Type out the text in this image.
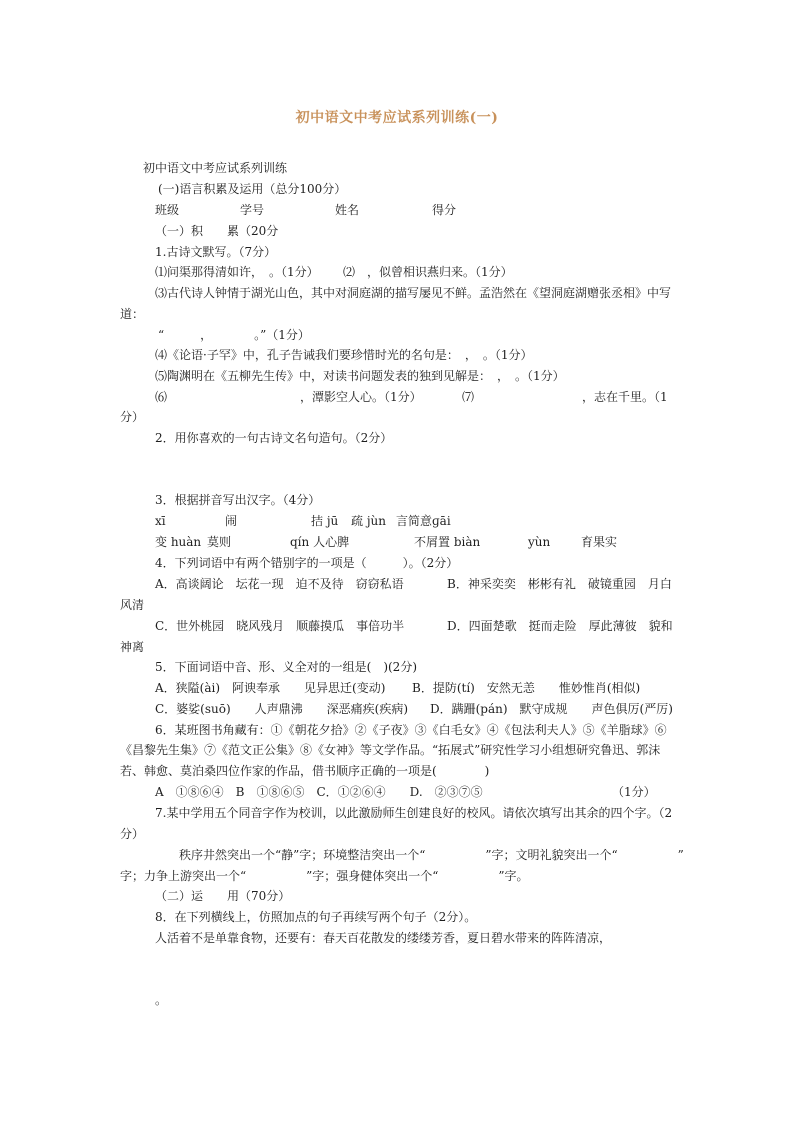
初中语文中考应试系列训练(一)
初中语文中考应试系列训练
(一)语言积累及运用（总分100分）
班级	学号	姓名	得分
（一）积　　累（20分
1.古诗文默写。（7分）
⑴问渠那得清如许，　。（1分） ⑵　，似曾相识燕归来。（1分）
⑶古代诗人钟情于湖光山色，其中对洞庭湖的描写屡见不鲜。孟浩然在《望洞庭湖赠张丞相》中写
道：
“　　　，　　　　。”（1分）
⑷《论语·子罕》中，孔子告诫我们要珍惜时光的名句是：　，　。（1分）
⑸陶渊明在《五柳先生传》中，对读书问题发表的独到见解是：　，　。（1分）
⑹	，潭影空人心。（1分）	⑺	，志在千里。（1
分）
2．用你喜欢的一句古诗文名句造句。（2分）
3．根据拼音写出汉字。（4分）
xī	闹	拮 jū 疏 jùn 言简意ɡāi
变 huàn 莫则	qín 人心脾	不屑置 biàn	yùn	育果实
4．下列词语中有两个错别字的一项是（　　　）。（2分）
A．高谈阔论　坛花一现　迫不及待　窃窃私语	B．神采奕奕　彬彬有礼　破镜重园　月白
风清
C．世外桃园　晓风残月　顺藤摸瓜　事倍功半	D．四面楚歌　挺而走险　厚此薄彼　貌和
神离
5．下面词语中音、形、义全对的一组是(　)(2分)
A．狭隘(ài)　阿谀奉承　　见异思迁(变动) B．提防(tí)　安然无恙　　惟妙惟肖(相似)
C．婆娑(suō)　　人声鼎沸　　深恶痛疾(疾病) D．蹒跚(pán)　默守成规　　声色俱厉(严厉)
6．某班图书角藏有：①《朝花夕拾》②《子夜》③《白毛女》④《包法利夫人》⑤《羊脂球》⑥
《昌黎先生集》⑦《范文正公集》⑧《女神》等文学作品。“拓展式”研究性学习小组想研究鲁迅、郭沫
若、韩愈、莫泊桑四位作家的作品，借书顺序正确的一项是(　　　　)
A　①⑧⑥④　B　①⑧⑥⑤　C．①②⑥④　　D.　②③⑦⑤	（1分）
7.某中学用五个同音字作为校训，以此激励师生创建良好的校风。请依次填写出其余的四个字。（2
分）
秩序井然突出一个“静”字；环境整洁突出一个“　　　　　”字；文明礼貌突出一个“　　　　　”
字；力争上游突出一个“　　　　　”字；强身健体突出一个“　　　　　”字。
（二）运　　用（70分）
8．在下列横线上，仿照加点的句子再续写两个句子（2分）。
人活着不是单靠食物，还要有：春天百花散发的缕缕芳香，夏日碧水带来的阵阵清凉，
。
